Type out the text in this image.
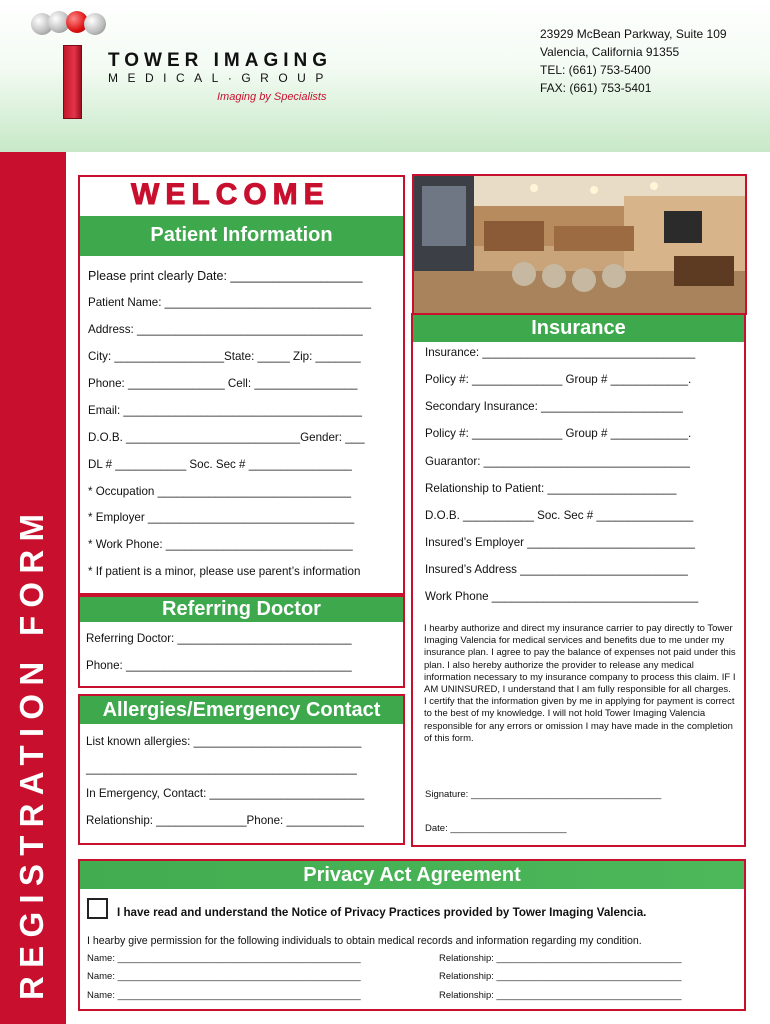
TOWER IMAGING
MEDICAL·GROUP
Imaging by Specialists
23929 McBean Parkway, Suite 109
Valencia, California 91355
TEL: (661) 753-5400
FAX: (661) 753-5401
REGISTRATION FORM
WELCOME
Patient Information
Please print clearly Date: ___________________
Patient Name: ________________________________
Address: ___________________________________
City: _________________State: _____ Zip: _______
Phone: _______________ Cell: ________________
Email: _____________________________________
D.O.B. ___________________________Gender: ___
DL # ___________ Soc. Sec # ________________
* Occupation ______________________________
* Employer ________________________________
* Work Phone: _____________________________
* If patient is a minor, please use parent’s information
Insurance
Insurance: _________________________________
Policy #: ______________ Group # ____________.
Secondary Insurance: ______________________
Policy #: ______________ Group # ____________.
Guarantor: ________________________________
Relationship to Patient: ____________________
D.O.B. ___________ Soc. Sec # _______________
Insured’s Employer __________________________
Insured’s Address __________________________
Work Phone ________________________________
I hearby authorize and direct my insurance carrier to pay directly to Tower Imaging Valencia for medical services and benefits due to me under my insurance plan. I agree to pay the balance of expenses not paid under this plan. I also hereby authorize the provider to release any medical information necessary to my insurance company to process this claim. IF I AM UNINSURED, I understand that I am fully responsible for all charges. I certify that the information given by me in applying for payment is correct to the best of my knowledge. I will not hold Tower Imaging Valencia responsible for any errors or omission I may have made in the completion of this form.
Signature: ____________________________________
Date: ______________________
Referring Doctor
Referring Doctor: ___________________________
Phone: ___________________________________
Allergies/Emergency Contact
List known allergies: __________________________
__________________________________________
In Emergency, Contact: ________________________
Relationship: ______________Phone: ____________
Privacy Act Agreement
I have read and understand the Notice of Privacy Practices provided by Tower Imaging Valencia.
I hearby give permission for the following individuals to obtain medical records and information regarding my condition.
Name: ______________________________________________	Relationship: ___________________________________
Name: ______________________________________________	Relationship: ___________________________________
Name: ______________________________________________	Relationship: ___________________________________
